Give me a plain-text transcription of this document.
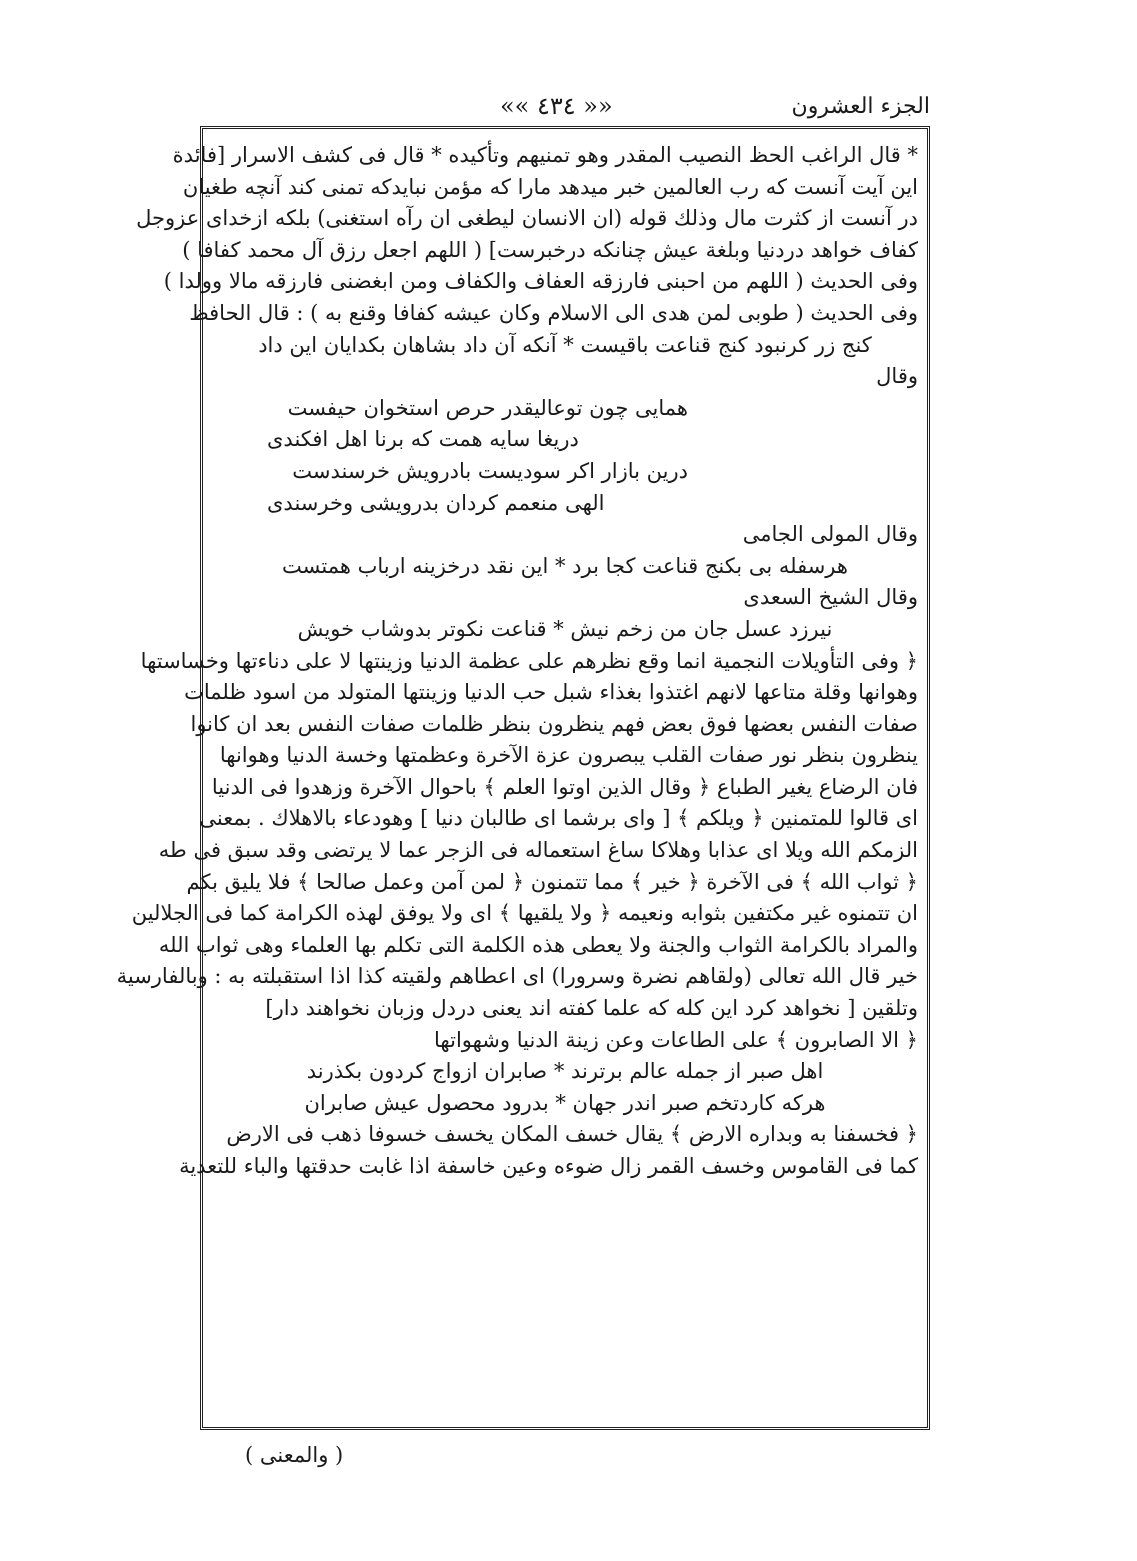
الجزء العشرون
«« ٤٣٤ »»
* قال الراغب الحظ النصيب المقدر وهو تمنيهم وتأكيده * قال فى كشف الاسرار [فائدة
اين آيت آنست كه رب العالمين خبر ميدهد مارا كه مؤمن نبايدكه تمنى كند آنچه طغيان
در آنست از كثرت مال وذلك قوله (ان الانسان ليطغى ان رآه استغنى) بلكه ازخداى عزوجل
كفاف خواهد دردنيا وبلغة عيش چنانكه درخبرست] ( اللهم اجعل رزق آل محمد كفافا )
وفى الحديث ( اللهم من احبنى فارزقه العفاف والكفاف ومن ابغضنى فارزقه مالا وولدا )
وفى الحديث ( طوبى لمن هدى الى الاسلام وكان عيشه كفافا وقنع به ) : قال الحافظ
كنج زر كرنبود كنج قناعت باقيست * آنكه آن داد بشاهان بكدايان اين داد
وقال
همايى چون توعاليقدر حرص استخوان حيفست
دريغا سايه همت كه برنا اهل افكندى
درين بازار اكر سوديست بادرويش خرسندست
الهى منعمم كردان بدرويشى وخرسندى
وقال المولى الجامى
هرسفله بى بكنج قناعت كجا برد * اين نقد درخزينه ارباب همتست
وقال الشيخ السعدى
نيرزد عسل جان من زخم نيش * قناعت نكوتر بدوشاب خويش
﴿ وفى التأويلات النجمية انما وقع نظرهم على عظمة الدنيا وزينتها لا على دناءتها وخساستها
وهوانها وقلة متاعها لانهم اغتذوا بغذاء شبل حب الدنيا وزينتها المتولد من اسود ظلمات
صفات النفس بعضها فوق بعض فهم ينظرون بنظر ظلمات صفات النفس بعد ان كانوا
ينظرون بنظر نور صفات القلب يبصرون عزة الآخرة وعظمتها وخسة الدنيا وهوانها
فان الرضاع يغير الطباع ﴿ وقال الذين اوتوا العلم ﴾ باحوال الآخرة وزهدوا فى الدنيا
اى قالوا للمتمنين ﴿ ويلكم ﴾ [ واى برشما اى طالبان دنيا ] وهودعاء بالاهلاك . بمعنى
الزمكم الله ويلا اى عذابا وهلاكا ساغ استعماله فى الزجر عما لا يرتضى وقد سبق فى طه
﴿ ثواب الله ﴾ فى الآخرة ﴿ خير ﴾ مما تتمنون ﴿ لمن آمن وعمل صالحا ﴾ فلا يليق بكم
ان تتمنوه غير مكتفين بثوابه ونعيمه ﴿ ولا يلقيها ﴾ اى ولا يوفق لهذه الكرامة كما فى الجلالين
والمراد بالكرامة الثواب والجنة ولا يعطى هذه الكلمة التى تكلم بها العلماء وهى ثواب الله
خير قال الله تعالى (ولقاهم نضرة وسرورا) اى اعطاهم ولقيته كذا اذا استقبلته به : وبالفارسية
وتلقين [ نخواهد كرد اين كله كه علما كفته اند يعنى دردل وزبان نخواهند دار]
﴿ الا الصابرون ﴾ على الطاعات وعن زينة الدنيا وشهواتها
اهل صبر از جمله عالم برترند * صابران ازواج كردون بكذرند
هركه كاردتخم صبر اندر جهان * بدرود محصول عيش صابران
﴿ فخسفنا به وبداره الارض ﴾ يقال خسف المكان يخسف خسوفا ذهب فى الارض
كما فى القاموس وخسف القمر زال ضوءه وعين خاسفة اذا غابت حدقتها والباء للتعدية
( والمعنى )
